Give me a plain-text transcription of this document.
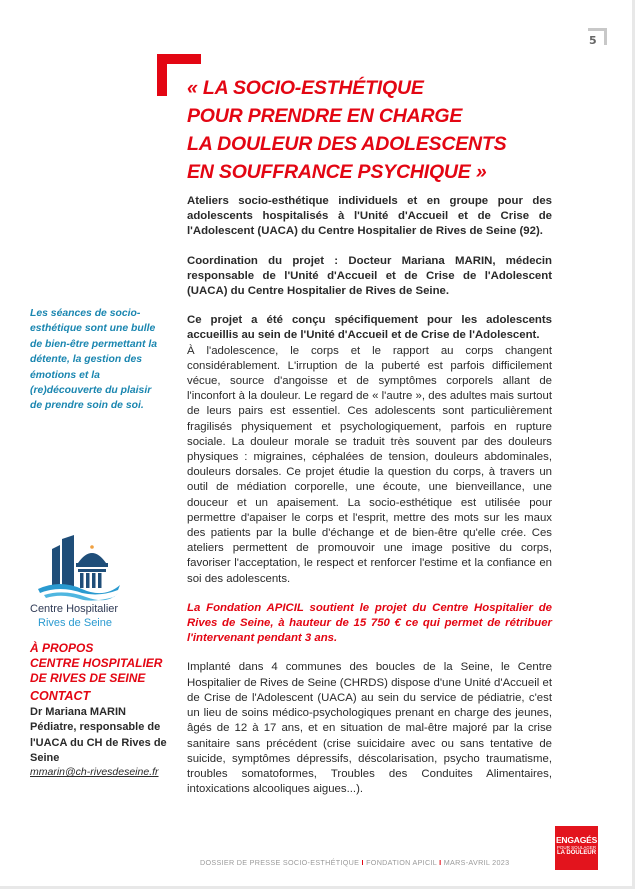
5
« LA SOCIO-ESTHÉTIQUE
POUR PRENDRE EN CHARGE
LA DOULEUR DES ADOLESCENTS
EN SOUFFRANCE PSYCHIQUE »

Ateliers socio-esthétique individuels et en groupe pour des adolescents hospitalisés à l'Unité d'Accueil et de Crise de l'Adolescent (UACA) du Centre Hospitalier de Rives de Seine (92).

Coordination du projet : Docteur Mariana MARIN, médecin responsable de l'Unité d'Accueil et de Crise de l'Adolescent (UACA) du Centre Hospitalier de Rives de Seine.

Ce projet a été conçu spécifiquement pour les adolescents accueillis au sein de l'Unité d'Accueil et de Crise de l'Adolescent.

À l'adolescence, le corps et le rapport au corps changent considérablement. L'irruption de la puberté est parfois difficilement vécue, source d'angoisse et de symptômes corporels allant de l'inconfort à la douleur. Le regard de « l'autre », des adultes mais surtout de leurs pairs est essentiel. Ces adolescents sont particulièrement fragilisés physiquement et psychologiquement, parfois en rupture sociale. La douleur morale se traduit très souvent par des douleurs physiques : migraines, céphalées de tension, douleurs abdominales, douleurs dorsales. Ce projet étudie la question du corps, à travers un outil de médiation corporelle, une écoute, une bienveillance, une douceur et un apaisement. La socio-esthétique est utilisée pour permettre d'apaiser le corps et l'esprit, mettre des mots sur les maux des patients par la bulle d'échange et de bien-être qu'elle crée. Ces ateliers permettent de promouvoir une image positive du corps, favoriser l'acceptation, le respect et renforcer l'estime et la confiance en soi des adolescents.

La Fondation APICIL soutient le projet du Centre Hospitalier de Rives de Seine, à hauteur de 15 750 € ce qui permet de rétribuer l'intervenant pendant 3 ans.

Implanté dans 4 communes des boucles de la Seine, le Centre Hospitalier de Rives de Seine (CHRDS) dispose d'une Unité d'Accueil et de Crise de l'Adolescent (UACA) au sein du service de pédiatrie, c'est un lieu de soins médico-psychologiques prenant en charge des jeunes, âgés de 12 à 17 ans, et en situation de mal-être majoré par la crise sanitaire sans précédent (crise suicidaire avec ou sans tentative de suicide, symptômes dépressifs, déscolarisation, psycho traumatisme, troubles somatoformes, Troubles des Conduites Alimentaires, intoxications alcooliques aigues...).

Les séances de socio-esthétique sont une bulle de bien-être permettant la détente, la gestion des émotions et la (re)découverte du plaisir de prendre soin de soi.
Centre Hospitalier
Rives de Seine
À PROPOS
CENTRE HOSPITALIER
DE RIVES DE SEINE
CONTACT
Dr Mariana MARIN
Pédiatre, responsable de l'UACA du CH de Rives de Seine
mmarin@ch-rivesdeseine.fr
DOSSIER DE PRESSE SOCIO-ESTHÉTIQUE I FONDATION APICIL I MARS-AVRIL 2023
ENGAGÉS
POUR SOULAGER
LA DOULEUR
